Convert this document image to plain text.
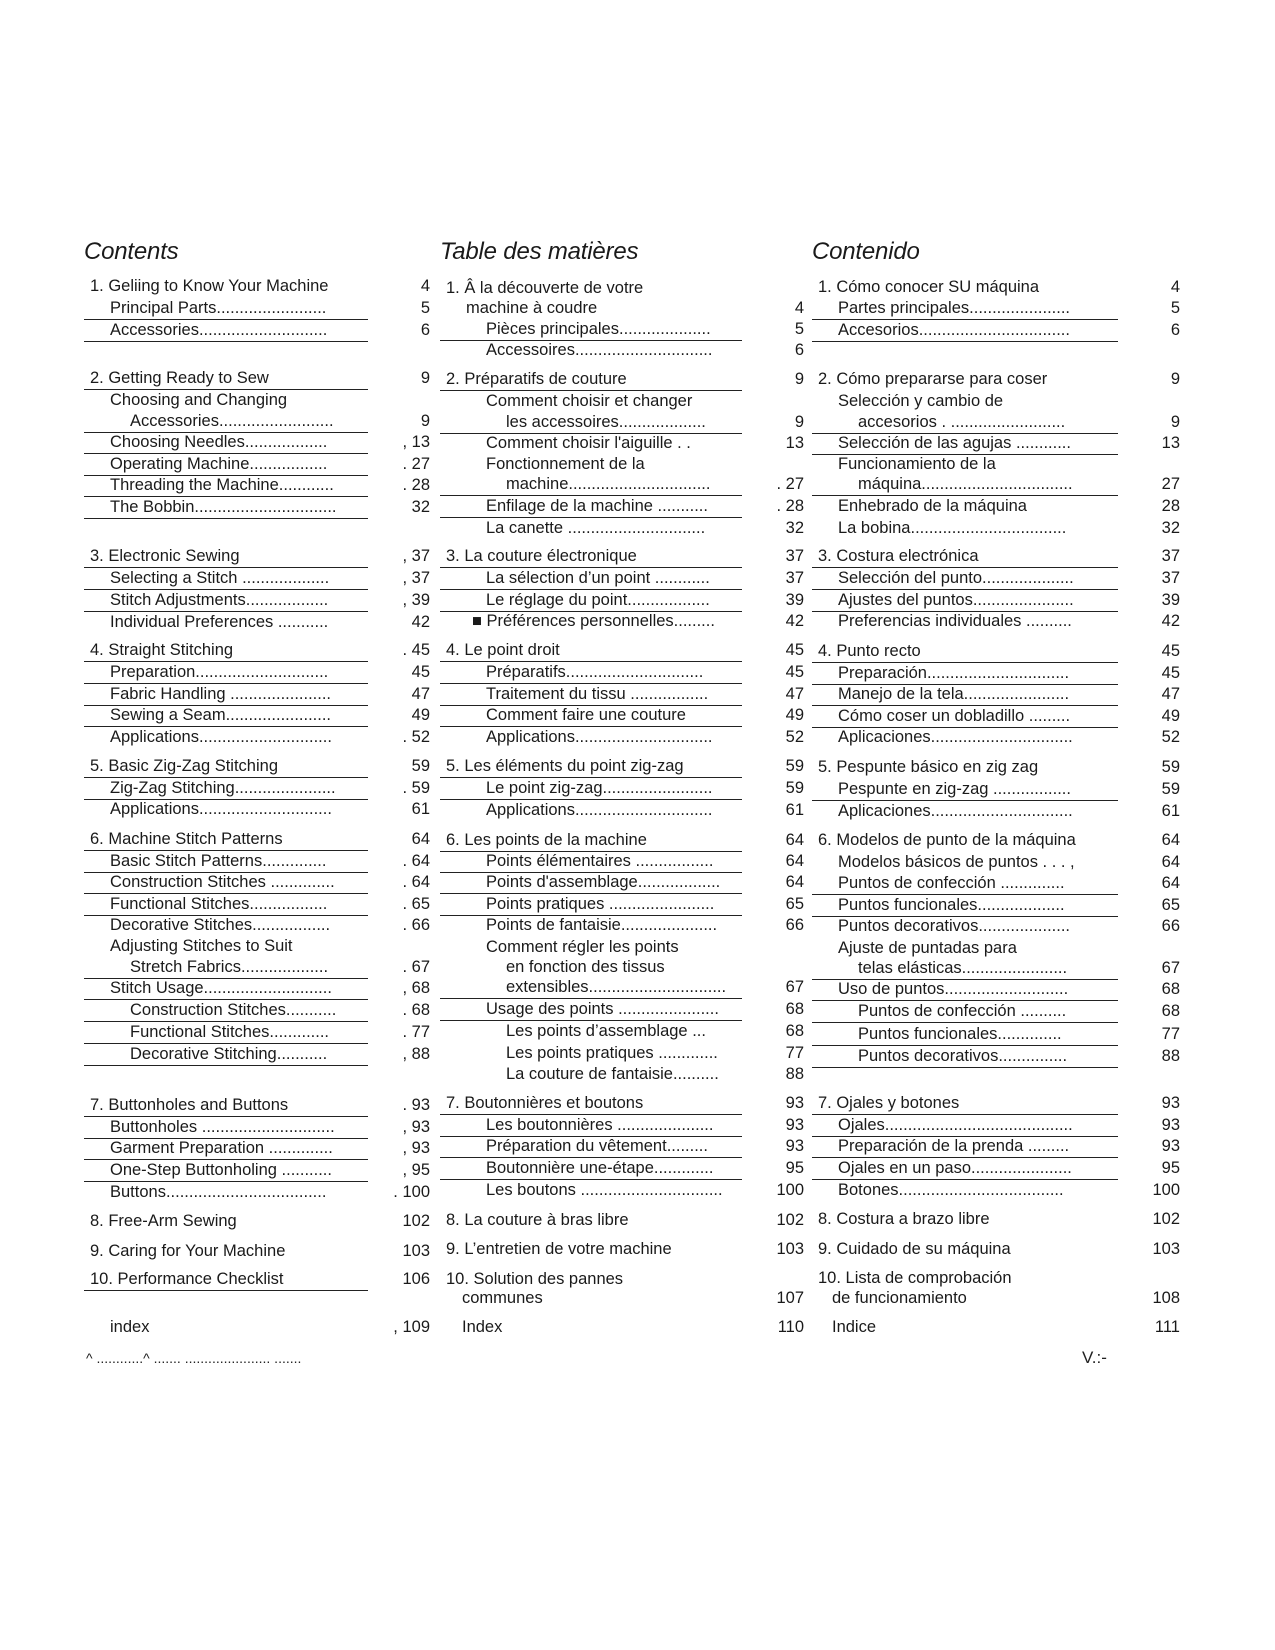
Contents
1. Geliing to Know Your Machine	4
Principal Parts........................	5
Accessories............................	6
2. Getting Ready to Sew	9
Choosing and Changing
Accessories.........................	9
Choosing Needles..................	, 13
Operating Machine.................	. 27
Threading the Machine............	. 28
The Bobbin...............................	32
3. Electronic Sewing	, 37
Selecting a Stitch ...................	, 37
Stitch Adjustments..................	, 39
Individual Preferences ...........	42
4. Straight Stitching	. 45
Preparation.............................	45
Fabric Handling ......................	47
Sewing a Seam.......................	49
Applications.............................	. 52
5. Basic Zig-Zag Stitching	59
Zig-Zag Stitching......................	. 59
Applications.............................	61
6. Machine Stitch Patterns	64
Basic Stitch Patterns..............	. 64
Construction Stitches ..............	. 64
Functional Stitches.................	. 65
Decorative Stitches.................	. 66
Adjusting Stitches to Suit
Stretch Fabrics...................	. 67
Stitch Usage............................	, 68
Construction Stitches...........	. 68
Functional Stitches.............	. 77
Decorative Stitching...........	, 88
7. Buttonholes and Buttons	. 93
Buttonholes .............................	, 93
Garment Preparation ..............	, 93
One-Step Buttonholing ...........	, 95
Buttons...................................	. 100
8. Free-Arm Sewing	102
9. Caring for Your Machine	103
10. Performance Checklist	106
index	, 109
Table des matières
1. Â la découverte de votre
machine à coudre	4
Pièces principales....................	5
Accessoires..............................	6
2. Préparatifs de couture	9
Comment choisir et changer
les accessoires...................	9
Comment choisir l'aiguille . .	13
Fonctionnement de la
machine...............................	. 27
Enfilage de la machine ...........	. 28
La canette ..............................	32
3. La couture électronique	37
La sélection d’un point ............	37
Le réglage du point..................	39
■ Préférences personnelles.........	42
4. Le point droit	45
Préparatifs..............................	45
Traitement du tissu .................	47
Comment faire une couture	49
Applications..............................	52
5. Les éléments du point zig-zag	59
Le point zig-zag........................	59
Applications..............................	61
6. Les points de la machine	64
Points élémentaires .................	64
Points d'assemblage..................	64
Points pratiques .......................	65
Points de fantaisie.....................	66
Comment régler les points
en fonction des tissus
extensibles..............................	67
Usage des points ......................	68
Les points d’assemblage ...	68
Les points pratiques .............	77
La couture de fantaisie..........	88
7. Boutonnières et boutons	93
Les boutonnières .....................	93
Préparation du vêtement.........	93
Boutonnière une-étape.............	95
Les boutons ...............................	100
8. La couture à bras libre	102
9. L’entretien de votre machine	103
10. Solution des pannes
communes	107
Index	110
Contenido
1. Cómo conocer SU máquina	4
Partes principales......................	5
Accesorios.................................	6
2. Cómo prepararse para coser	9
Selección y cambio de
accesorios . .........................	9
Selección de las agujas ............	13
Funcionamiento de la
máquina.................................	27
Enhebrado de la máquina	28
La bobina..................................	32
3. Costura electrónica	37
Selección del punto....................	37
Ajustes del puntos......................	39
Preferencias individuales ..........	42
4. Punto recto	45
Preparación...............................	45
Manejo de la tela.......................	47
Cómo coser un dobladillo .........	49
Aplicaciones...............................	52
5. Pespunte básico en zig zag	59
Pespunte en zig-zag .................	59
Aplicaciones...............................	61
6. Modelos de punto de la máquina	64
Modelos básicos de puntos . . . ,	64
Puntos de confección ..............	64
Puntos funcionales...................	65
Puntos decorativos....................	66
Ajuste de puntadas para
telas elásticas.......................	67
Uso de puntos...........................	68
Puntos de confección ..........	68
Puntos funcionales..............	77
Puntos decorativos...............	88
7. Ojales y botones	93
Ojales.........................................	93
Preparación de la prenda .........	93
Ojales en un paso......................	95
Botones....................................	100
8. Costura a brazo libre	102
9. Cuidado de su máquina	103
10. Lista de comprobación
de funcionamiento	108
Indice	111
^ ............^ ....... ...................... .......	V.:-
